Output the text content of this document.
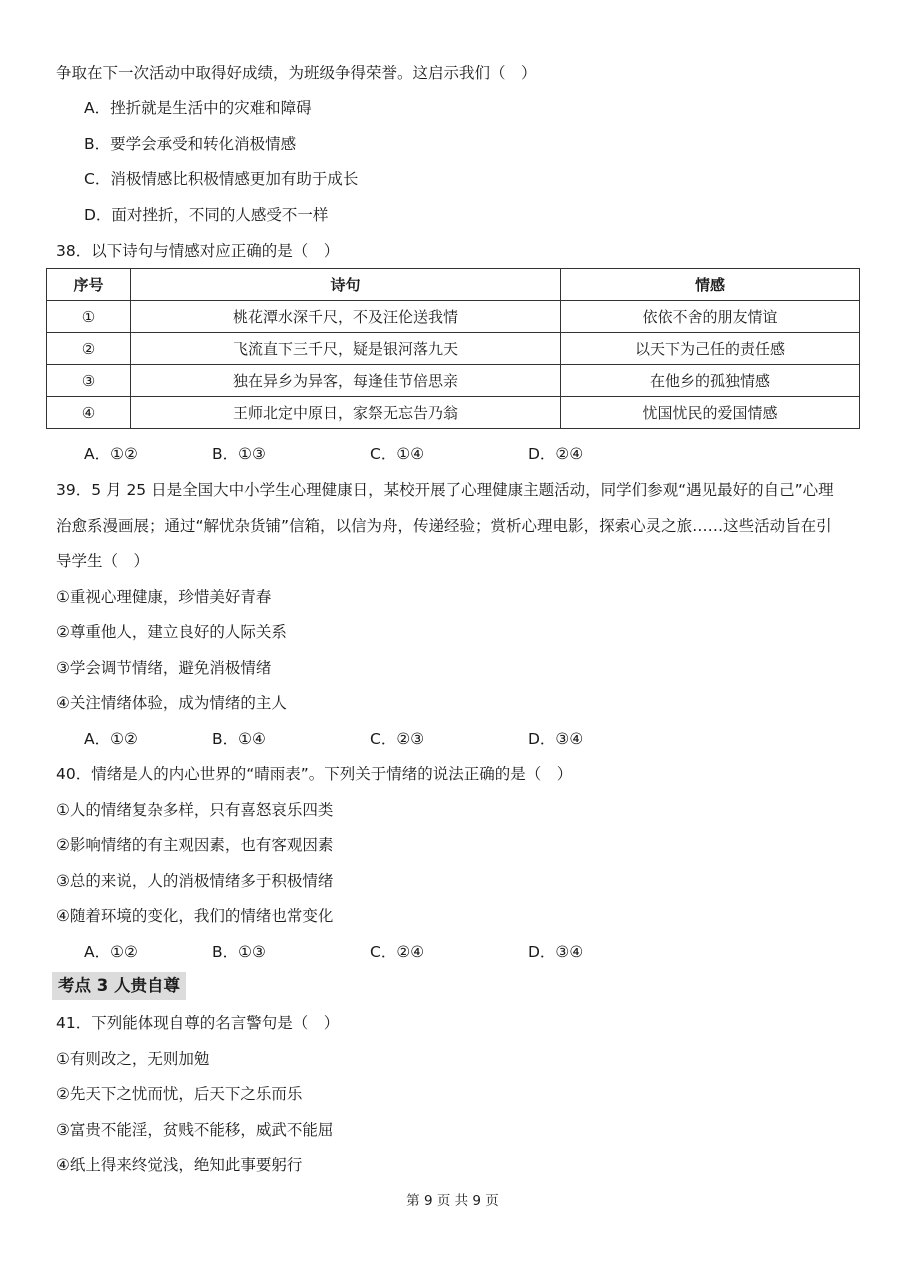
争取在下一次活动中取得好成绩，为班级争得荣誉。这启示我们（　）
A．挫折就是生活中的灾难和障碍
B．要学会承受和转化消极情感
C．消极情感比积极情感更加有助于成长
D．面对挫折，不同的人感受不一样
38．以下诗句与情感对应正确的是（　）
序号	诗句	情感
①	桃花潭水深千尺，不及汪伦送我情	依依不舍的朋友情谊
②	飞流直下三千尺，疑是银河落九天	以天下为己任的责任感
③	独在异乡为异客，每逢佳节倍思亲	在他乡的孤独情感
④	王师北定中原日，家祭无忘告乃翁	忧国忧民的爱国情感
A．①②	B．①③	C．①④	D．②④
39．5 月 25 日是全国大中小学生心理健康日，某校开展了心理健康主题活动，同学们参观“遇见最好的自己”心理
治愈系漫画展；通过“解忧杂货铺”信箱，以信为舟，传递经验；赏析心理电影，探索心灵之旅……这些活动旨在引
导学生（　）
①重视心理健康，珍惜美好青春
②尊重他人，建立良好的人际关系
③学会调节情绪，避免消极情绪
④关注情绪体验，成为情绪的主人
A．①②	B．①④	C．②③	D．③④
40．情绪是人的内心世界的“晴雨表”。下列关于情绪的说法正确的是（　）
①人的情绪复杂多样，只有喜怒哀乐四类
②影响情绪的有主观因素，也有客观因素
③总的来说，人的消极情绪多于积极情绪
④随着环境的变化，我们的情绪也常变化
A．①②	B．①③	C．②④	D．③④
考点 3 人贵自尊
41．下列能体现自尊的名言警句是（　）
①有则改之，无则加勉
②先天下之忧而忧，后天下之乐而乐
③富贵不能淫，贫贱不能移，威武不能屈
④纸上得来终觉浅，绝知此事要躬行
第 9 页 共 9 页
